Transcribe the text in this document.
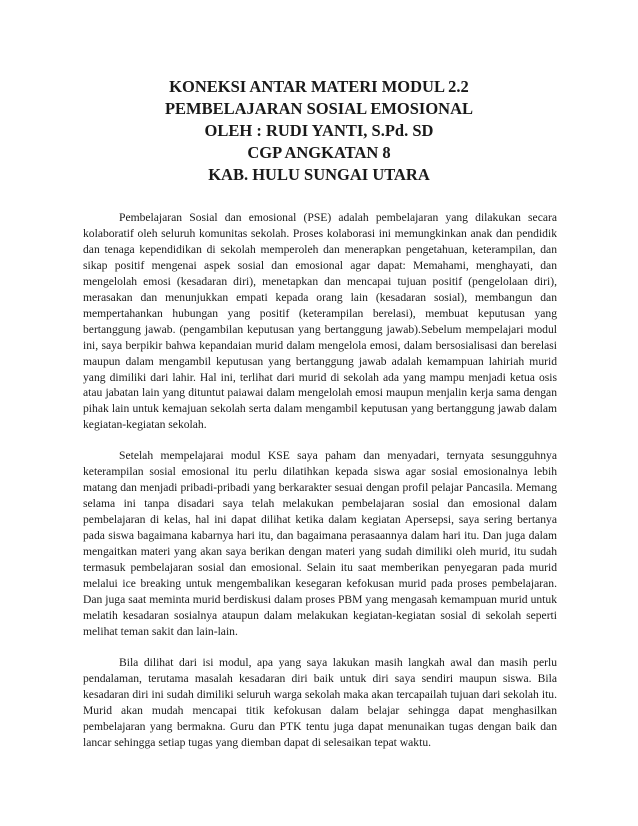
KONEKSI ANTAR MATERI MODUL 2.2
PEMBELAJARAN SOSIAL EMOSIONAL
OLEH : RUDI YANTI, S.Pd. SD
CGP ANGKATAN 8
KAB. HULU SUNGAI UTARA

Pembelajaran Sosial dan emosional (PSE) adalah pembelajaran yang dilakukan secara kolaboratif oleh seluruh komunitas sekolah. Proses kolaborasi ini memungkinkan anak dan pendidik dan tenaga kependidikan di sekolah memperoleh dan menerapkan pengetahuan, keterampilan, dan sikap positif mengenai aspek sosial dan emosional agar dapat: Memahami, menghayati, dan mengelolah emosi (kesadaran diri), menetapkan dan mencapai tujuan positif (pengelolaan diri), merasakan dan menunjukkan empati kepada orang lain (kesadaran sosial), membangun dan mempertahankan hubungan yang positif (keterampilan berelasi), membuat keputusan yang bertanggung jawab. (pengambilan keputusan yang bertanggung jawab).Sebelum mempelajari modul ini, saya berpikir bahwa kepandaian murid dalam mengelola emosi, dalam bersosialisasi dan berelasi maupun dalam mengambil keputusan yang bertanggung jawab adalah kemampuan lahiriah murid yang dimiliki dari lahir. Hal ini, terlihat dari murid di sekolah ada yang mampu menjadi ketua osis atau jabatan lain yang dituntut paiawai dalam mengelolah emosi maupun menjalin kerja sama dengan pihak lain untuk kemajuan sekolah serta dalam mengambil keputusan yang bertanggung jawab dalam kegiatan-kegiatan sekolah.

Setelah mempelajarai modul KSE saya paham dan menyadari, ternyata sesungguhnya keterampilan sosial emosional itu perlu dilatihkan kepada siswa agar sosial emosionalnya lebih matang dan menjadi pribadi-pribadi yang berkarakter sesuai dengan profil pelajar Pancasila. Memang selama ini tanpa disadari saya telah melakukan pembelajaran sosial dan emosional dalam pembelajaran di kelas, hal ini dapat dilihat ketika dalam kegiatan Apersepsi, saya sering bertanya pada siswa bagaimana kabarnya hari itu, dan bagaimana perasaannya dalam hari itu. Dan juga dalam mengaitkan materi yang akan saya berikan dengan materi yang sudah dimiliki oleh murid, itu sudah termasuk pembelajaran sosial dan emosional. Selain itu saat memberikan penyegaran pada murid melalui ice breaking untuk mengembalikan kesegaran kefokusan murid pada proses pembelajaran. Dan juga saat meminta murid berdiskusi dalam proses PBM yang mengasah kemampuan murid untuk melatih kesadaran sosialnya ataupun dalam melakukan kegiatan-kegiatan sosial di sekolah seperti melihat teman sakit dan lain-lain.

Bila dilihat dari isi modul, apa yang saya lakukan masih langkah awal dan masih perlu pendalaman, terutama masalah kesadaran diri baik untuk diri saya sendiri maupun siswa. Bila kesadaran diri ini sudah dimiliki seluruh warga sekolah maka akan tercapailah tujuan dari sekolah itu. Murid akan mudah mencapai titik kefokusan dalam belajar sehingga dapat menghasilkan pembelajaran yang bermakna. Guru dan PTK tentu juga dapat menunaikan tugas dengan baik dan lancar sehingga setiap tugas yang diemban dapat di selesaikan tepat waktu.
